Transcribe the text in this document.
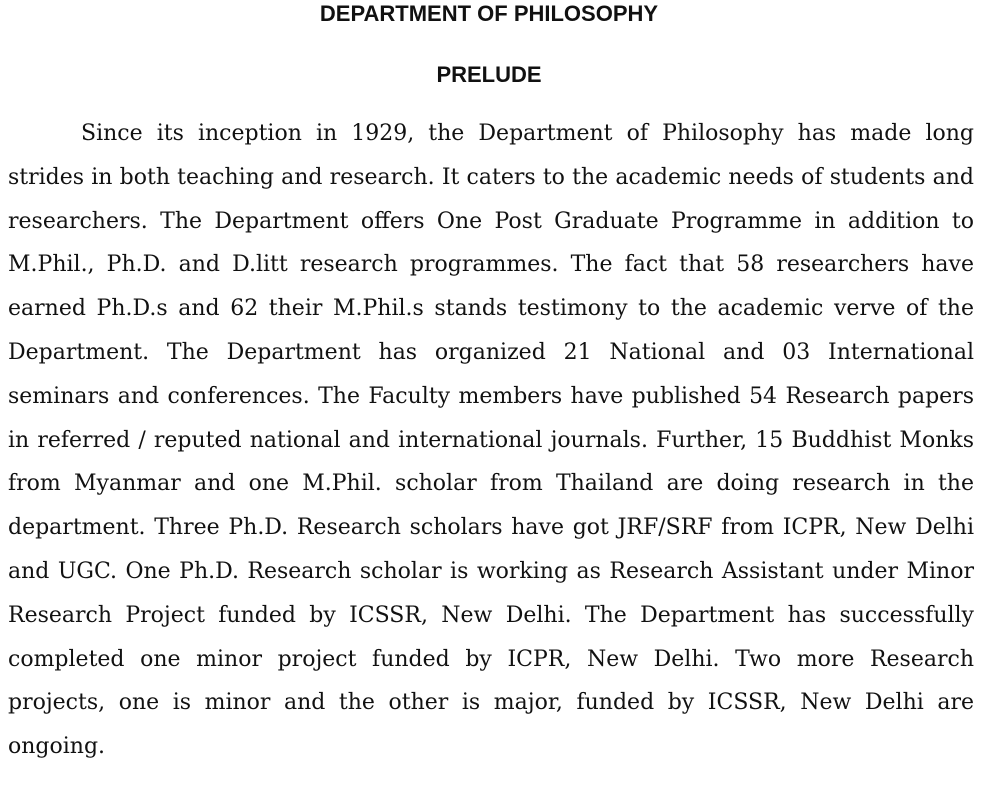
DEPARTMENT OF PHILOSOPHY
PRELUDE

Since its inception in 1929, the Department of Philosophy has made long strides in both teaching and research. It caters to the academic needs of students and researchers. The Department offers One Post Graduate Programme in addition to M.Phil., Ph.D. and D.litt research programmes. The fact that 58 researchers have earned Ph.D.s and 62 their M.Phil.s stands testimony to the academic verve of the Department. The Department has organized 21 National and 03 International seminars and conferences. The Faculty members have published 54 Research papers in referred / reputed national and international journals. Further, 15 Buddhist Monks from Myanmar and one M.Phil. scholar from Thailand are doing research in the department. Three Ph.D. Research scholars have got JRF/SRF from ICPR, New Delhi and UGC. One Ph.D. Research scholar is working as Research Assistant under Minor Research Project funded by ICSSR, New Delhi. The Department has successfully completed one minor project funded by ICPR, New Delhi. Two more Research projects, one is minor and the other is major, funded by ICSSR, New Delhi are ongoing.
